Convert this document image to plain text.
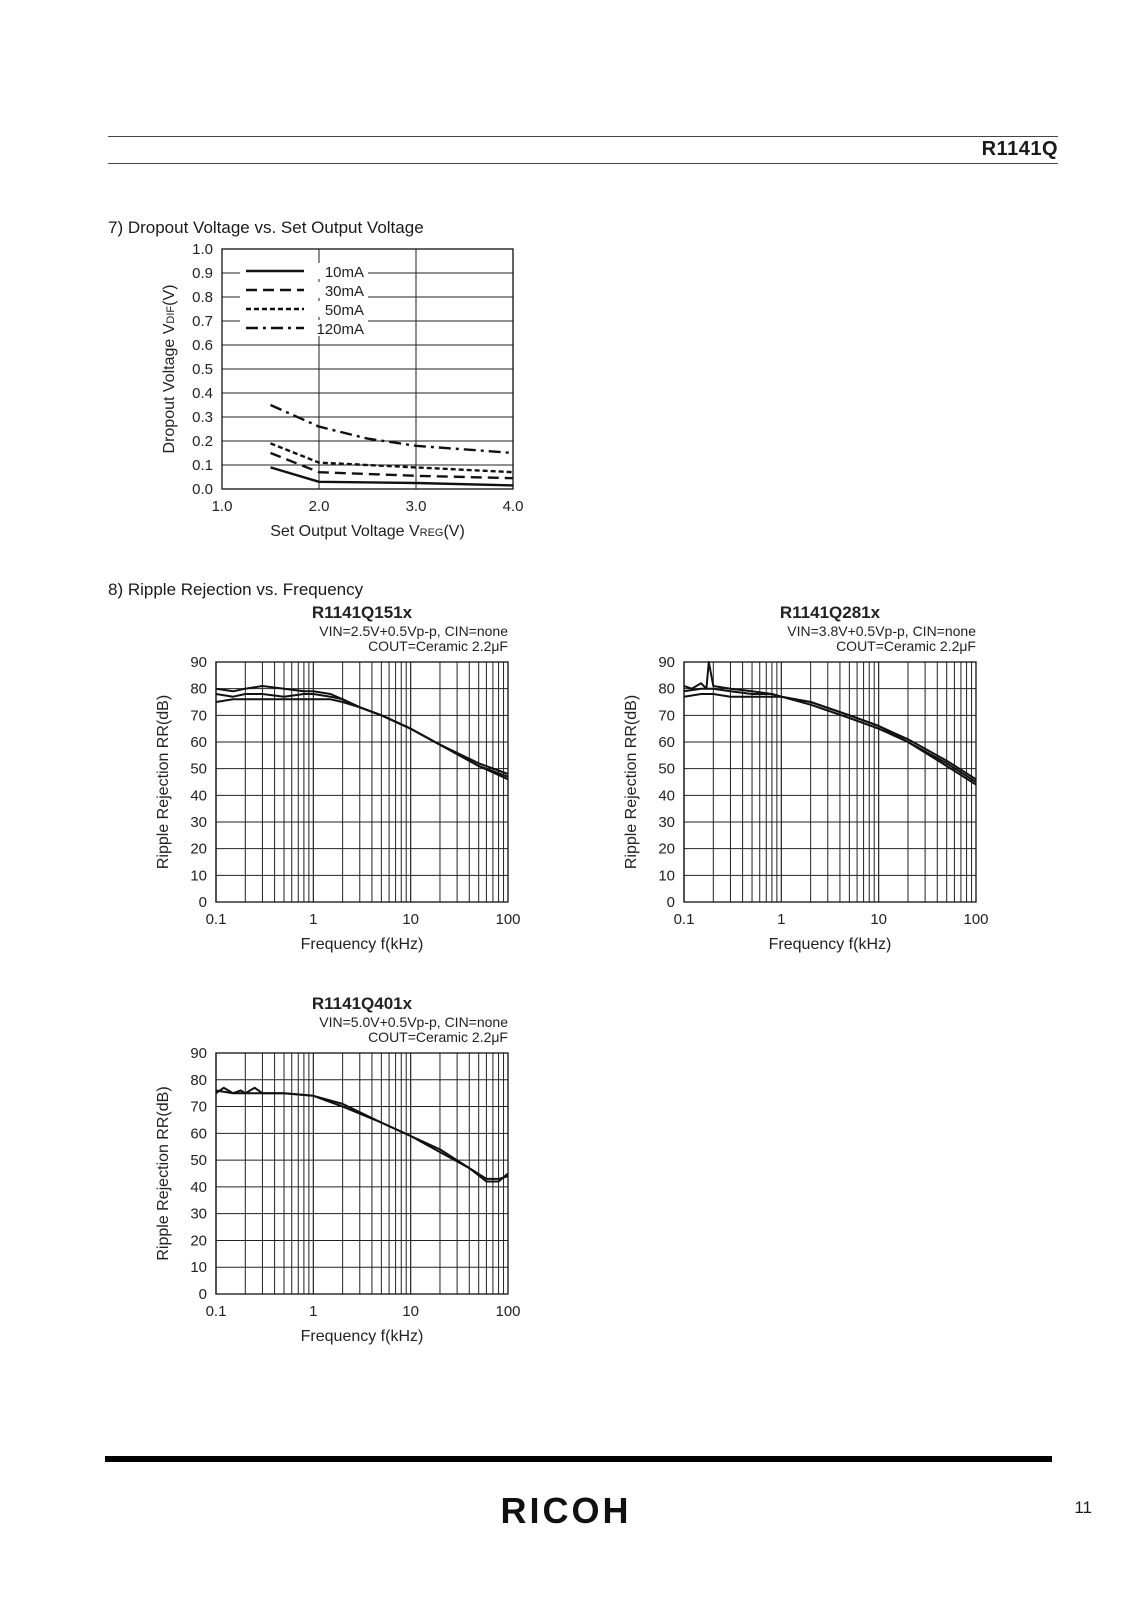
R1141Q
7) Dropout Voltage vs. Set Output Voltage
8) Ripple Rejection vs. Frequency
0.0
0.1
0.2
0.3
0.4
0.5
0.6
0.7
0.8
0.9
1.0
1.0	2.0	3.0	4.0
Set Output Voltage VREG(V)
Dropout Voltage VDIF(V)
10mA
30mA
50mA
120mA
0
10
20
30
40
50
60
70
80
90
0.1	1	10	100
Frequency f(kHz)
Ripple Rejection RR(dB)
R1141Q151x
VIN=2.5V+0.5Vp-p, CIN=none
COUT=Ceramic 2.2μF
0
10
20
30
40
50
60
70
80
90
0.1	1	10	100
Frequency f(kHz)
Ripple Rejection RR(dB)
R1141Q281x
VIN=3.8V+0.5Vp-p, CIN=none
COUT=Ceramic 2.2μF
0
10
20
30
40
50
60
70
80
90
0.1	1	10	100
Frequency f(kHz)
Ripple Rejection RR(dB)
R1141Q401x
VIN=5.0V+0.5Vp-p, CIN=none
COUT=Ceramic 2.2μF
RICOH	11
